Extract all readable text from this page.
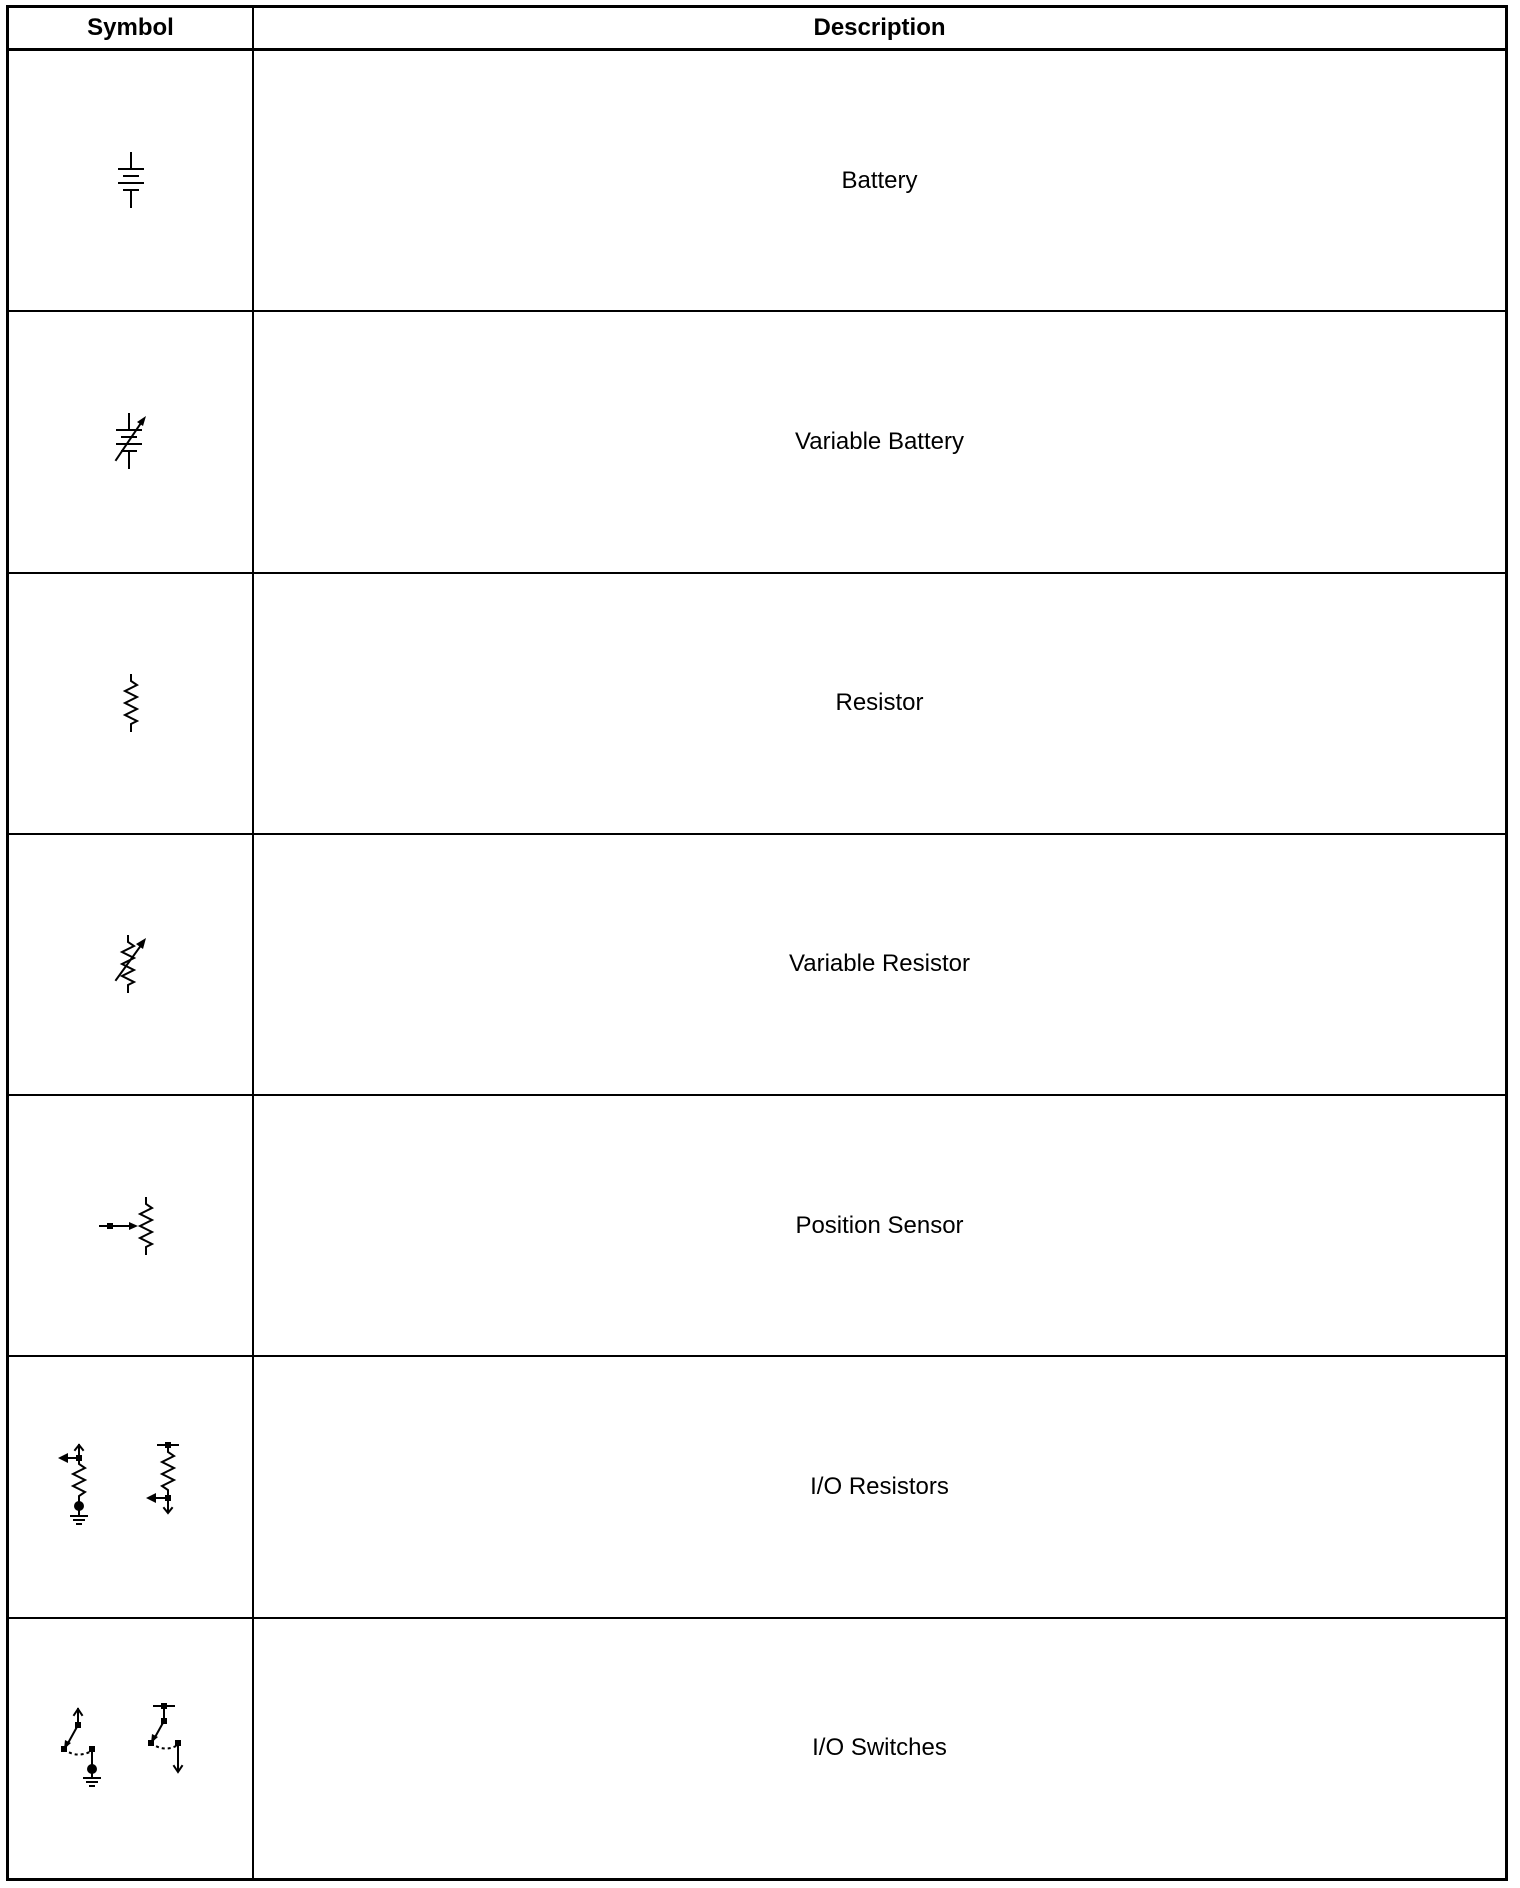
Symbol	Description

	Battery

	Variable Battery

	Resistor

	Variable Resistor

	Position Sensor

	I/O Resistors

	I/O Switches
